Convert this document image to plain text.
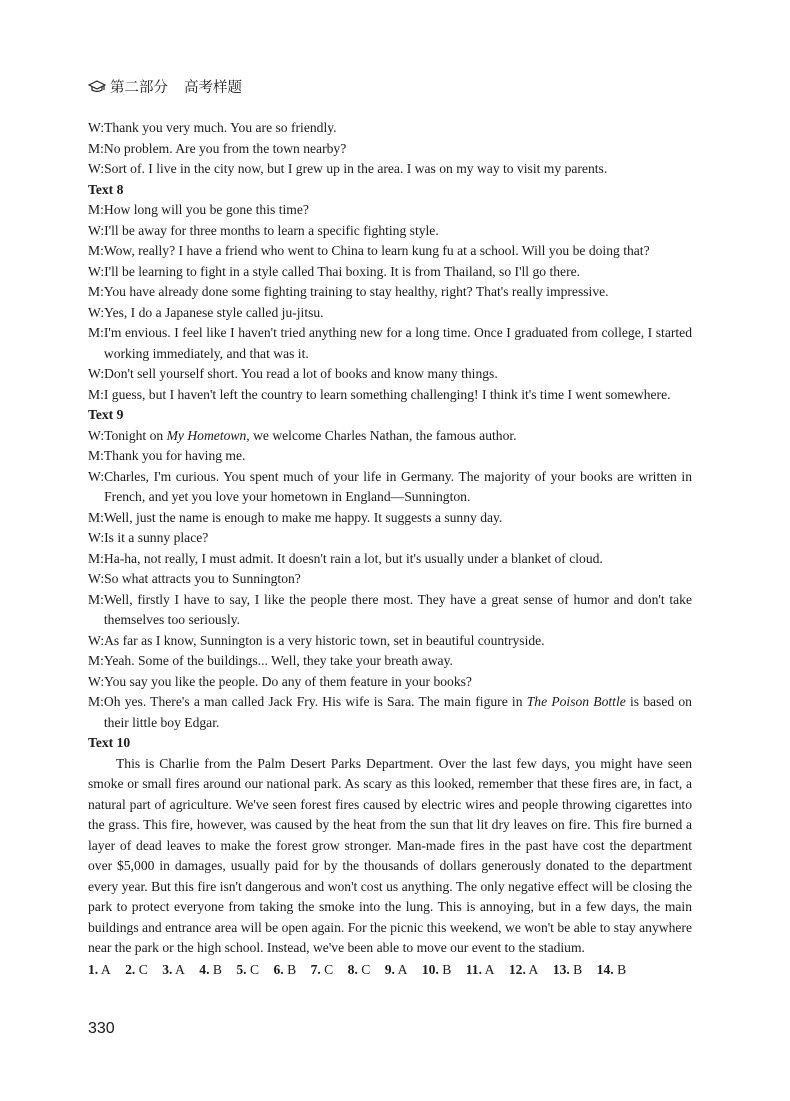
第二部分 高考样题
W: Thank you very much. You are so friendly.
M: No problem. Are you from the town nearby?
W: Sort of. I live in the city now, but I grew up in the area. I was on my way to visit my parents.
Text 8
M: How long will you be gone this time?
W: I'll be away for three months to learn a specific fighting style.
M: Wow, really? I have a friend who went to China to learn kung fu at a school. Will you be doing that?
W: I'll be learning to fight in a style called Thai boxing. It is from Thailand, so I'll go there.
M: You have already done some fighting training to stay healthy, right? That's really impressive.
W: Yes, I do a Japanese style called ju-jitsu.
M: I'm envious. I feel like I haven't tried anything new for a long time. Once I graduated from college, I started working immediately, and that was it.
W: Don't sell yourself short. You read a lot of books and know many things.
M: I guess, but I haven't left the country to learn something challenging! I think it's time I went somewhere.
Text 9
W: Tonight on My Hometown, we welcome Charles Nathan, the famous author.
M: Thank you for having me.
W: Charles, I'm curious. You spent much of your life in Germany. The majority of your books are written in French, and yet you love your hometown in England—Sunnington.
M: Well, just the name is enough to make me happy. It suggests a sunny day.
W: Is it a sunny place?
M: Ha-ha, not really, I must admit. It doesn't rain a lot, but it's usually under a blanket of cloud.
W: So what attracts you to Sunnington?
M: Well, firstly I have to say, I like the people there most. They have a great sense of humor and don't take themselves too seriously.
W: As far as I know, Sunnington is a very historic town, set in beautiful countryside.
M: Yeah. Some of the buildings... Well, they take your breath away.
W: You say you like the people. Do any of them feature in your books?
M: Oh yes. There's a man called Jack Fry. His wife is Sara. The main figure in The Poison Bottle is based on their little boy Edgar.
Text 10
This is Charlie from the Palm Desert Parks Department. Over the last few days, you might have seen smoke or small fires around our national park. As scary as this looked, remember that these fires are, in fact, a natural part of agriculture. We've seen forest fires caused by electric wires and people throwing cigarettes into the grass. This fire, however, was caused by the heat from the sun that lit dry leaves on fire. This fire burned a layer of dead leaves to make the forest grow stronger. Man-made fires in the past have cost the department over $5,000 in damages, usually paid for by the thousands of dollars generously donated to the department every year. But this fire isn't dangerous and won't cost us anything. The only negative effect will be closing the park to protect everyone from taking the smoke into the lung. This is annoying, but in a few days, the main buildings and entrance area will be open again. For the picnic this weekend, we won't be able to stay anywhere near the park or the high school. Instead, we've been able to move our event to the stadium.
1. A 2. C 3. A 4. B 5. C 6. B 7. C 8. C 9. A 10. B 11. A 12. A 13. B 14. B
330
